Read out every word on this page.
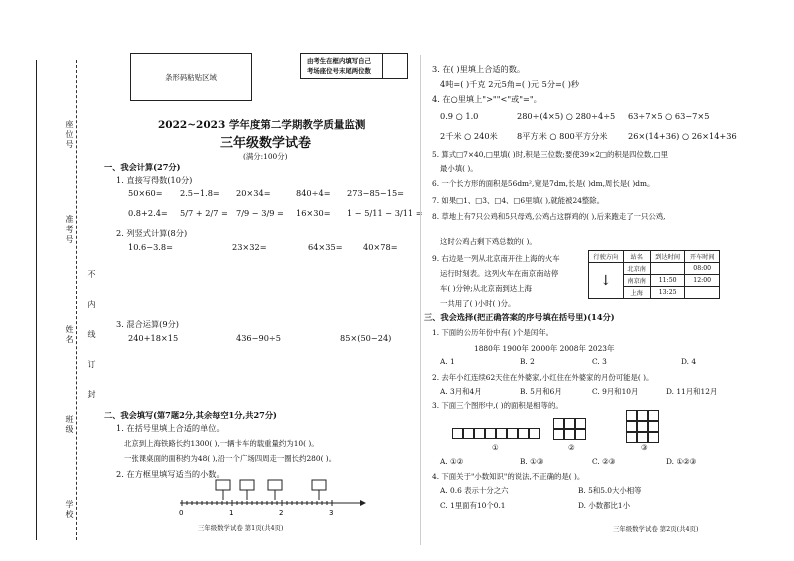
座位号
准考号
不
内
线
姓名
订
封
班级
学校
条形码粘贴区域
由考生在框内填写自己
考场座位号末尾两位数
2022~2023 学年度第二学期教学质量监测
三年级数学试卷
(满分:100分)
一、我会计算(27分)
1. 直接写得数(10分)
50×60= 2.5−1.8= 20×34=	840÷4= 273−85−15=
0.8+2.4= 5/7 + 2/7 = 7/9 − 3/9 = 16×30= 1 − 5/11 − 3/11 =
2. 列竖式计算(8分)
10.6−3.8=	23×32=	64×35= 40×78=
3. 混合运算(9分)
240+18×15	436−90÷5	85×(50−24)
二、我会填写(第7题2分,其余每空1分,共27分)
1. 在括号里填上合适的单位。
北京到上海铁路长约1300( ),一辆卡车的载重量约为10( )。
一张课桌面的面积约为48( ),沿一个广场四周走一圈长约280( )。
2. 在方框里填写适当的小数。
0	1	2	3
三年级数学试卷 第1页(共4页)
3. 在( )里填上合适的数。
4吨=( )千克 2元5角=( )元 5分=( )秒
4. 在○里填上">""<"或"="。
0.9 ○ 1.0	280÷(4×5) ○ 280÷4÷5 63÷7×5 ○ 63−7×5
2千米 ○ 240米 8平方米 ○ 800平方分米	26×(14+36) ○ 26×14+36
5. 算式□7×40,□里填( )时,积是三位数;要使39×2□的积是四位数,□里
最小填( )。
6. 一个长方形的面积是56dm²,宽是7dm,长是( )dm,周长是( )dm。
7. 如果□1、□3、□4、□6里填( ),就能被24整除。
8. 草地上有7只公鸡和5只母鸡,公鸡占这群鸡的( ),后来跑走了一只公鸡,
这时公鸡占剩下鸡总数的( )。
9. 右边是一列从北京南开往上海的火车
运行时刻表。这列火车在南京南站停
车( )分钟;从北京南到达上海
一共用了( )小时( )分。
行驶方向	站名	到达时间	开车时间
↓	北京南		08:00
	南京南	11:50	12:00
	上海	13:25	
三、我会选择(把正确答案的序号填在括号里)(14分)
1. 下面的公历年份中有( )个是闰年。
1880年 1900年 2000年 2008年 2023年
A. 1	B. 2	C. 3	D. 4
2. 去年小红连续62天住在外婆家,小红住在外婆家的月份可能是( )。
A. 3月和4月	B. 5月和6月	C. 9月和10月	D. 11月和12月
3. 下面三个图形中,( )的面积是相等的。
①	②	③
A. ①②	B. ①③	C. ②③	D. ①②③
4. 下面关于"小数知识"的说法,不正确的是( )。
A. 0.6 表示十分之六	B. 5和5.0大小相等
C. 1里面有10个0.1	D. 小数都比1小
三年级数学试卷 第2页(共4页)
